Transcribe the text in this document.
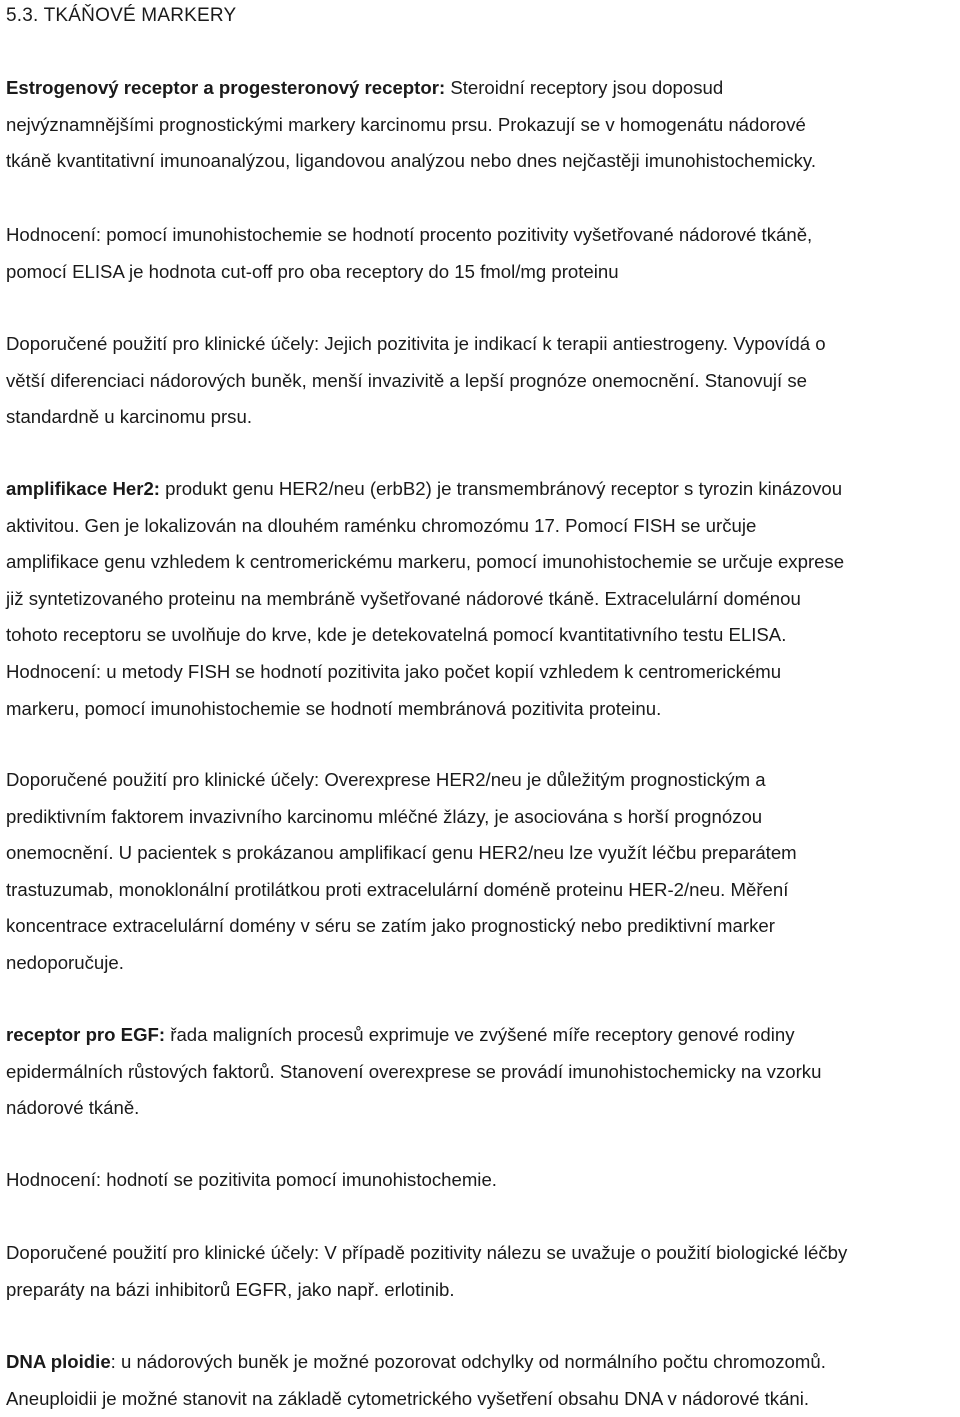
5.3. TKÁŇOVÉ MARKERY
Estrogenový receptor a progesteronový receptor: Steroidní receptory jsou doposud
nejvýznamnějšími prognostickými markery karcinomu prsu. Prokazují se v homogenátu nádorové
tkáně kvantitativní imunoanalýzou, ligandovou analýzou nebo dnes nejčastěji imunohistochemicky.
Hodnocení: pomocí imunohistochemie se hodnotí procento pozitivity vyšetřované nádorové tkáně,
pomocí ELISA je hodnota cut-off pro oba receptory do 15 fmol/mg proteinu
Doporučené použití pro klinické účely: Jejich pozitivita je indikací k terapii antiestrogeny. Vypovídá o
větší diferenciaci nádorových buněk, menší invazivitě a lepší prognóze onemocnění. Stanovují se
standardně u karcinomu prsu.
amplifikace Her2: produkt genu HER2/neu (erbB2) je transmembránový receptor s tyrozin kinázovou
aktivitou. Gen je lokalizován na dlouhém raménku chromozómu 17. Pomocí FISH se určuje
amplifikace genu vzhledem k centromerickému markeru, pomocí imunohistochemie se určuje exprese
již syntetizovaného proteinu na membráně vyšetřované nádorové tkáně. Extracelulární doménou
tohoto receptoru se uvolňuje do krve, kde je detekovatelná pomocí kvantitativního testu ELISA.
Hodnocení: u metody FISH se hodnotí pozitivita jako počet kopií vzhledem k centromerickému
markeru, pomocí imunohistochemie se hodnotí membránová pozitivita proteinu.
Doporučené použití pro klinické účely: Overexprese HER2/neu je důležitým prognostickým a
prediktivním faktorem invazivního karcinomu mléčné žlázy, je asociována s horší prognózou
onemocnění. U pacientek s prokázanou amplifikací genu HER2/neu lze využít léčbu preparátem
trastuzumab, monoklonální protilátkou proti extracelulární doméně proteinu HER-2/neu. Měření
koncentrace extracelulární domény v séru se zatím jako prognostický nebo prediktivní marker
nedoporučuje.
receptor pro EGF: řada maligních procesů exprimuje ve zvýšené míře receptory genové rodiny
epidermálních růstových faktorů. Stanovení overexprese se provádí imunohistochemicky na vzorku
nádorové tkáně.
Hodnocení: hodnotí se pozitivita pomocí imunohistochemie.
Doporučené použití pro klinické účely: V případě pozitivity nálezu se uvažuje o použití biologické léčby
preparáty na bázi inhibitorů EGFR, jako např. erlotinib.
DNA ploidie: u nádorových buněk je možné pozorovat odchylky od normálního počtu chromozomů.
Aneuploidii je možné stanovit na základě cytometrického vyšetření obsahu DNA v nádorové tkáni.
